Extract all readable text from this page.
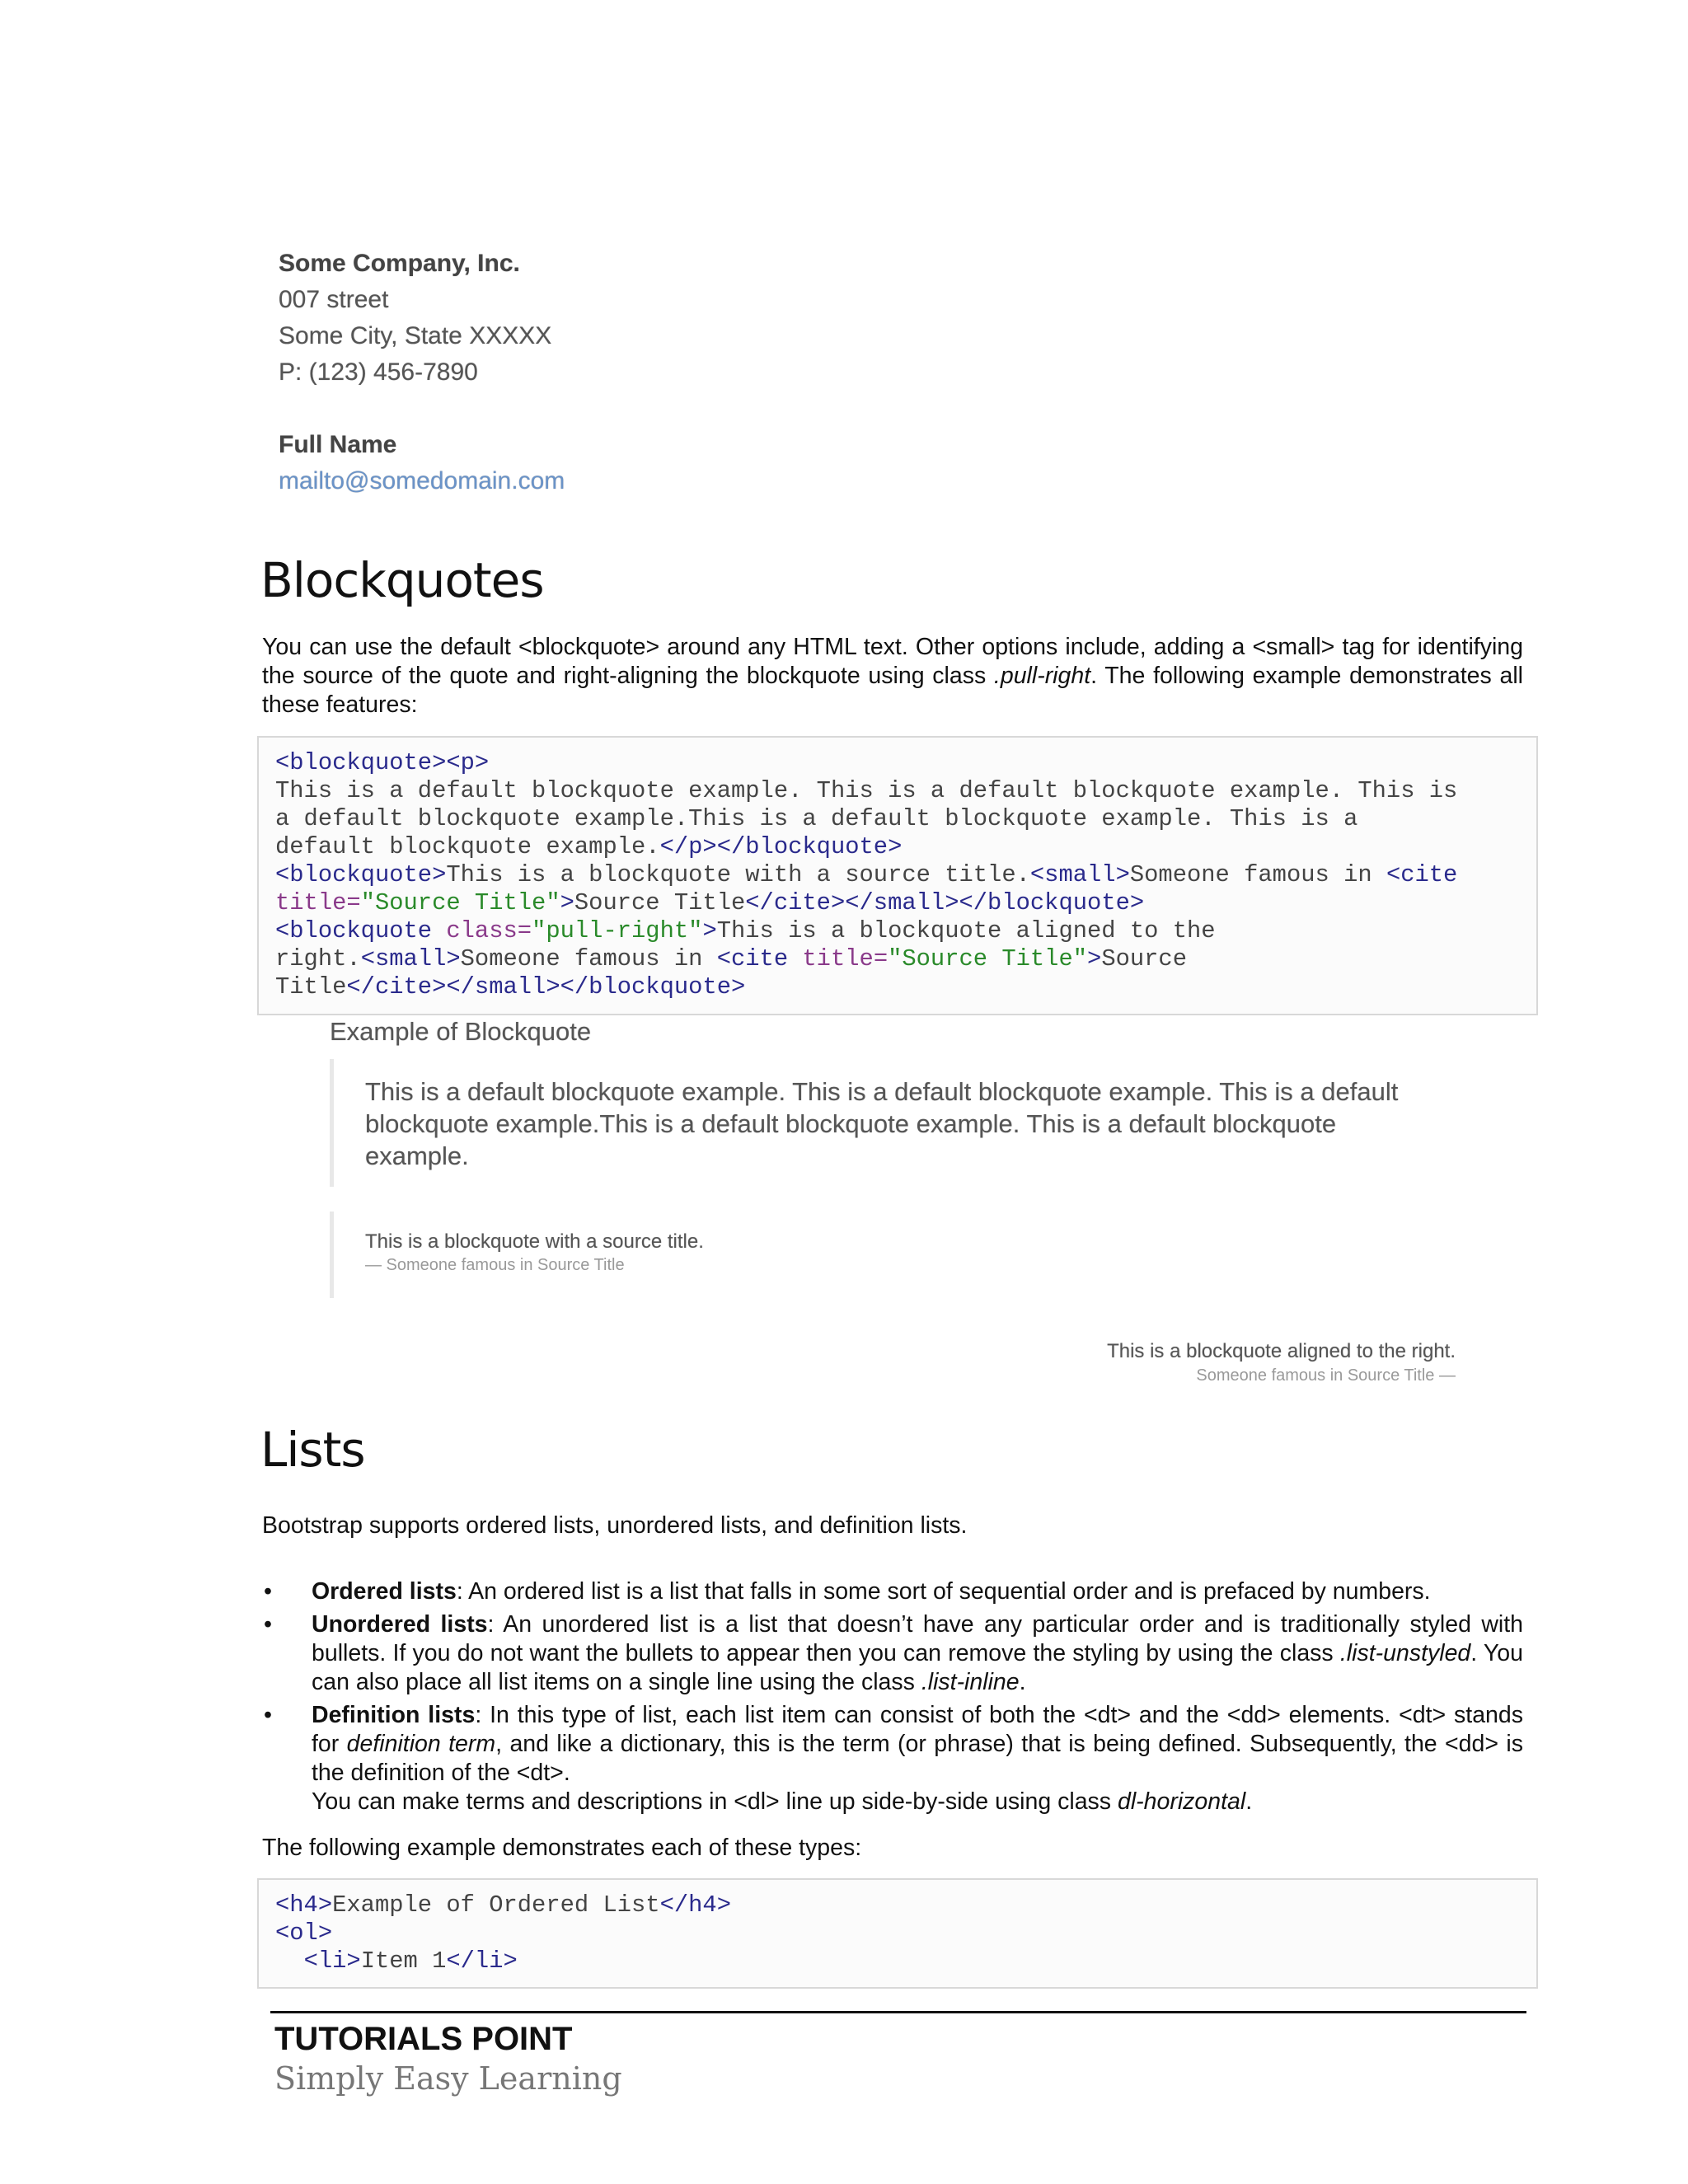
Some Company, Inc.
007 street
Some City, State XXXXX
P: (123) 456-7890
Full Name
mailto@somedomain.com
Blockquotes
You can use the default <blockquote> around any HTML text. Other options include, adding a <small> tag for identifying the source of the quote and right-aligning the blockquote using class .pull-right. The following example demonstrates all these features:
<blockquote><p>
This is a default blockquote example. This is a default blockquote example. This is
a default blockquote example.This is a default blockquote example. This is a
default blockquote example.</p></blockquote>
<blockquote>This is a blockquote with a source title.<small>Someone famous in <cite
title="Source Title">Source Title</cite></small></blockquote>
<blockquote class="pull-right">This is a blockquote aligned to the
right.<small>Someone famous in <cite title="Source Title">Source
Title</cite></small></blockquote>
Example of Blockquote
This is a default blockquote example. This is a default blockquote example. This is a default blockquote example.This is a default blockquote example. This is a default blockquote example.
This is a blockquote with a source title.
— Someone famous in Source Title
This is a blockquote aligned to the right.
Someone famous in Source Title —
Lists
Bootstrap supports ordered lists, unordered lists, and definition lists.
• Ordered lists: An ordered list is a list that falls in some sort of sequential order and is prefaced by numbers.
• Unordered lists: An unordered list is a list that doesn’t have any particular order and is traditionally styled with bullets. If you do not want the bullets to appear then you can remove the styling by using the class .list-unstyled. You can also place all list items on a single line using the class .list-inline.
• Definition lists: In this type of list, each list item can consist of both the <dt> and the <dd> elements. <dt> stands for definition term, and like a dictionary, this is the term (or phrase) that is being defined. Subsequently, the <dd> is the definition of the <dt>.
You can make terms and descriptions in <dl> line up side-by-side using class dl-horizontal.
The following example demonstrates each of these types:
<h4>Example of Ordered List</h4>
<ol>
<li>Item 1</li>
TUTORIALS POINT
Simply Easy Learning
